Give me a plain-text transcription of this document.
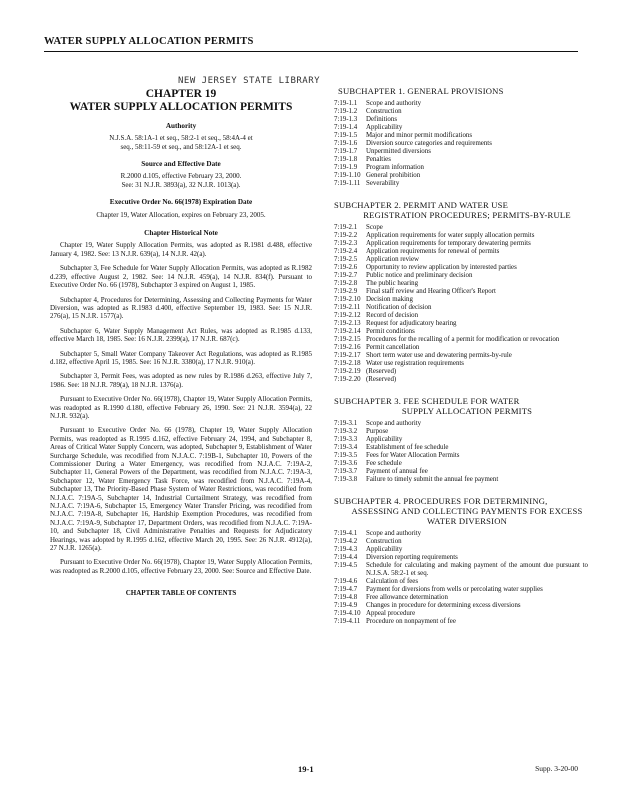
WATER SUPPLY ALLOCATION PERMITS
NEW JERSEY STATE LIBRARY
CHAPTER 19
WATER SUPPLY ALLOCATION PERMITS
Authority
N.J.S.A. 58:1A-1 et seq., 58:2-1 et seq., 58:4A-4 et
seq., 58:11-59 et seq., and 58:12A-1 et seq.
Source and Effective Date
R.2000 d.105, effective February 23, 2000.
See: 31 N.J.R. 3893(a), 32 N.J.R. 1013(a).
Executive Order No. 66(1978) Expiration Date
Chapter 19, Water Allocation, expires on February 23, 2005.
Chapter Historical Note

Chapter 19, Water Supply Allocation Permits, was adopted as R.1981 d.488, effective January 4, 1982. See: 13 N.J.R. 639(a), 14 N.J.R. 42(a).

Subchapter 3, Fee Schedule for Water Supply Allocation Permits, was adopted as R.1982 d.239, effective August 2, 1982. See: 14 N.J.R. 459(a), 14 N.J.R. 834(f). Pursuant to Executive Order No. 66 (1978), Subchapter 3 expired on August 1, 1985.

Subchapter 4, Procedures for Determining, Assessing and Collecting Payments for Water Diversion, was adopted as R.1983 d.400, effective September 19, 1983. See: 15 N.J.R. 276(a), 15 N.J.R. 1577(a).

Subchapter 6, Water Supply Management Act Rules, was adopted as R.1985 d.133, effective March 18, 1985. See: 16 N.J.R. 2399(a), 17 N.J.R. 687(c).

Subchapter 5, Small Water Company Takeover Act Regulations, was adopted as R.1985 d.182, effective April 15, 1985. See: 16 N.J.R. 3380(a), 17 N.J.R. 910(a).

Subchapter 3, Permit Fees, was adopted as new rules by R.1986 d.263, effective July 7, 1986. See: 18 N.J.R. 789(a), 18 N.J.R. 1376(a).

Pursuant to Executive Order No. 66(1978), Chapter 19, Water Supply Allocation Permits, was readopted as R.1990 d.180, effective February 26, 1990. See: 21 N.J.R. 3594(a), 22 N.J.R. 932(a).

Pursuant to Executive Order No. 66 (1978), Chapter 19, Water Supply Allocation Permits, was readopted as R.1995 d.162, effective February 24, 1994, and Subchapter 8, Areas of Critical Water Supply Concern, was adopted, Subchapter 9, Establishment of Water Surcharge Schedule, was recodified from N.J.A.C. 7:19B-1, Subchapter 10, Powers of the Commissioner During a Water Emergency, was recodified from N.J.A.C. 7:19A-2, Subchapter 11, General Powers of the Department, was recodified from N.J.A.C. 7:19A-3, Subchapter 12, Water Emergency Task Force, was recodified from N.J.A.C. 7:19A-4, Subchapter 13, The Priority-Based Phase System of Water Restrictions, was recodified from N.J.A.C. 7:19A-5, Subchapter 14, Industrial Curtailment Strategy, was recodified from N.J.A.C. 7:19A-6, Subchapter 15, Emergency Water Transfer Pricing, was recodified from N.J.A.C. 7:19A-8, Subchapter 16, Hardship Exemption Procedures, was recodified from N.J.A.C. 7:19A-9, Subchapter 17, Department Orders, was recodified from N.J.A.C. 7:19A-10, and Subchapter 18, Civil Administrative Penalties and Requests for Adjudicatory Hearings, was adopted by R.1995 d.162, effective March 20, 1995. See: 26 N.J.R. 4912(a), 27 N.J.R. 1265(a).

Pursuant to Executive Order No. 66(1978), Chapter 19, Water Supply Allocation Permits, was readopted as R.2000 d.105, effective February 23, 2000. See: Source and Effective Date.

CHAPTER TABLE OF CONTENTS
SUBCHAPTER 1. GENERAL PROVISIONS
7:19-1.1	Scope and authority
7:19-1.2	Construction
7:19-1.3	Definitions
7:19-1.4	Applicability
7:19-1.5	Major and minor permit modifications
7:19-1.6	Diversion source categories and requirements
7:19-1.7	Unpermitted diversions
7:19-1.8	Penalties
7:19-1.9	Program information
7:19-1.10 General prohibition
7:19-1.11 Severability
SUBCHAPTER 2. PERMIT AND WATER USE
REGISTRATION PROCEDURES; PERMITS-BY-RULE
7:19-2.1	Scope
7:19-2.2	Application requirements for water supply allocation permits
7:19-2.3	Application requirements for temporary dewatering permits
7:19-2.4	Application requirements for renewal of permits
7:19-2.5	Application review
7:19-2.6	Opportunity to review application by interested parties
7:19-2.7	Public notice and preliminary decision
7:19-2.8	The public hearing
7:19-2.9	Final staff review and Hearing Officer's Report
7:19-2.10 Decision making
7:19-2.11 Notification of decision
7:19-2.12 Record of decision
7:19-2.13 Request for adjudicatory hearing
7:19-2.14 Permit conditions
7:19-2.15 Procedures for the recalling of a permit for modification or revocation
7:19-2.16 Permit cancellation
7:19-2.17 Short term water use and dewatering permits-by-rule
7:19-2.18 Water use registration requirements
7:19-2.19 (Reserved)
7:19-2.20 (Reserved)
SUBCHAPTER 3. FEE SCHEDULE FOR WATER
SUPPLY ALLOCATION PERMITS
7:19-3.1	Scope and authority
7:19-3.2	Purpose
7:19-3.3	Applicability
7:19-3.4	Establishment of fee schedule
7:19-3.5	Fees for Water Allocation Permits
7:19-3.6	Fee schedule
7:19-3.7	Payment of annual fee
7:19-3.8	Failure to timely submit the annual fee payment
SUBCHAPTER 4. PROCEDURES FOR DETERMINING,
ASSESSING AND COLLECTING PAYMENTS FOR EXCESS WATER DIVERSION
7:19-4.1	Scope and authority
7:19-4.2	Construction
7:19-4.3	Applicability
7:19-4.4	Diversion reporting requirements
7:19-4.5	Schedule for calculating and making payment of the amount due pursuant to N.J.S.A. 58:2-1 et seq.
7:19-4.6	Calculation of fees
7:19-4.7	Payment for diversions from wells or percolating water supplies
7:19-4.8	Free allowance determination
7:19-4.9	Changes in procedure for determining excess diversions
7:19-4.10 Appeal procedure
7:19-4.11 Procedure on nonpayment of fee
19-1	Supp. 3-20-00
